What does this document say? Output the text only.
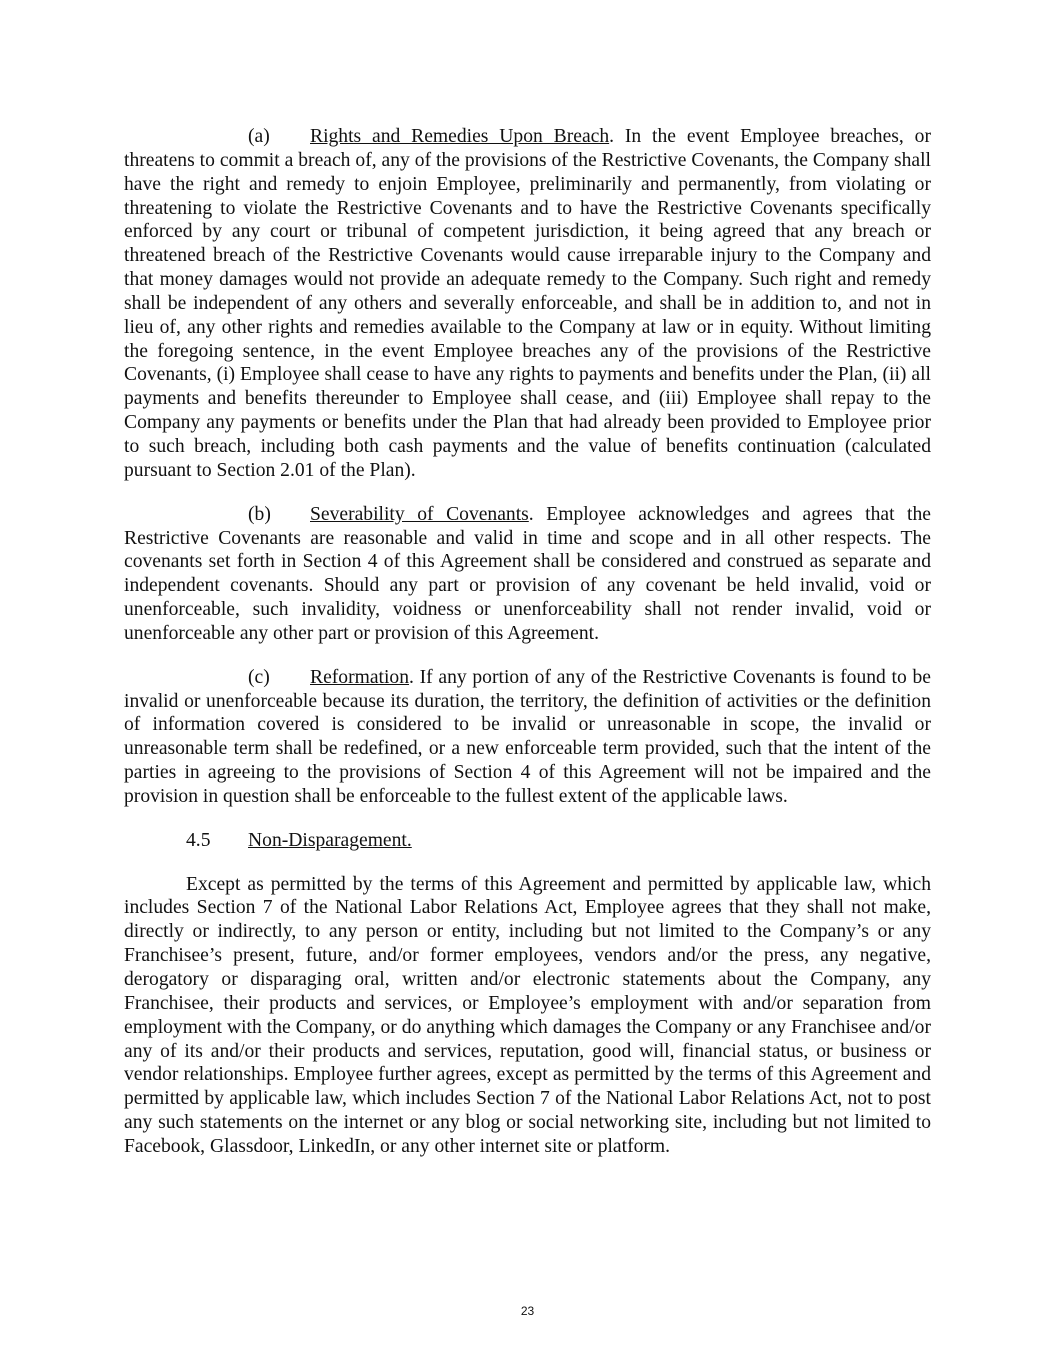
(a) Rights and Remedies Upon Breach. In the event Employee breaches, or threatens to commit a breach of, any of the provisions of the Restrictive Covenants, the Company shall have the right and remedy to enjoin Employee, preliminarily and permanently, from violating or threatening to violate the Restrictive Covenants and to have the Restrictive Covenants specifically enforced by any court or tribunal of competent jurisdiction, it being agreed that any breach or threatened breach of the Restrictive Covenants would cause irreparable injury to the Company and that money damages would not provide an adequate remedy to the Company. Such right and remedy shall be independent of any others and severally enforceable, and shall be in addition to, and not in lieu of, any other rights and remedies available to the Company at law or in equity. Without limiting the foregoing sentence, in the event Employee breaches any of the provisions of the Restrictive Covenants, (i) Employee shall cease to have any rights to payments and benefits under the Plan, (ii) all payments and benefits thereunder to Employee shall cease, and (iii) Employee shall repay to the Company any payments or benefits under the Plan that had already been provided to Employee prior to such breach, including both cash payments and the value of benefits continuation (calculated pursuant to Section 2.01 of the Plan).

(b) Severability of Covenants. Employee acknowledges and agrees that the Restrictive Covenants are reasonable and valid in time and scope and in all other respects. The covenants set forth in Section 4 of this Agreement shall be considered and construed as separate and independent covenants. Should any part or provision of any covenant be held invalid, void or unenforceable, such invalidity, voidness or unenforceability shall not render invalid, void or unenforceable any other part or provision of this Agreement.

(c) Reformation. If any portion of any of the Restrictive Covenants is found to be invalid or unenforceable because its duration, the territory, the definition of activities or the definition of information covered is considered to be invalid or unreasonable in scope, the invalid or unreasonable term shall be redefined, or a new enforceable term provided, such that the intent of the parties in agreeing to the provisions of Section 4 of this Agreement will not be impaired and the provision in question shall be enforceable to the fullest extent of the applicable laws.

4.5 Non-Disparagement.

Except as permitted by the terms of this Agreement and permitted by applicable law, which includes Section 7 of the National Labor Relations Act, Employee agrees that they shall not make, directly or indirectly, to any person or entity, including but not limited to the Company’s or any Franchisee’s present, future, and/or former employees, vendors and/or the press, any negative, derogatory or disparaging oral, written and/or electronic statements about the Company, any Franchisee, their products and services, or Employee’s employment with and/or separation from employment with the Company, or do anything which damages the Company or any Franchisee and/or any of its and/or their products and services, reputation, good will, financial status, or business or vendor relationships. Employee further agrees, except as permitted by the terms of this Agreement and permitted by applicable law, which includes Section 7 of the National Labor Relations Act, not to post any such statements on the internet or any blog or social networking site, including but not limited to Facebook, Glassdoor, LinkedIn, or any other internet site or platform.

23
